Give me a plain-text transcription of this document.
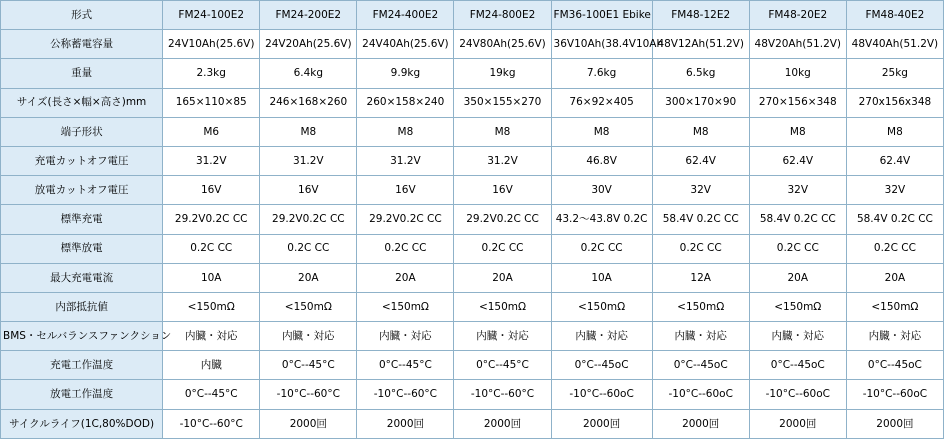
形式	FM24-100E2	FM24-200E2	FM24-400E2	FM24-800E2	FM36-100E1 Ebike	FM48-12E2	FM48-20E2	FM48-40E2
公称蓄電容量	24V10Ah(25.6V)	24V20Ah(25.6V)	24V40Ah(25.6V)	24V80Ah(25.6V)	36V10Ah(38.4V10Ah	48V12Ah(51.2V)	48V20Ah(51.2V)	48V40Ah(51.2V)
重量	2.3kg	6.4kg	9.9kg	19kg	7.6kg	6.5kg	10kg	25kg
サイズ(長さ×幅×高さ)mm	165×110×85	246×168×260	260×158×240	350×155×270	76×92×405	300×170×90	270×156×348	270x156x348
端子形状	M6	M8	M8	M8	M8	M8	M8	M8
充電カットオフ電圧	31.2V	31.2V	31.2V	31.2V	46.8V	62.4V	62.4V	62.4V
放電カットオフ電圧	16V	16V	16V	16V	30V	32V	32V	32V
標準充電	29.2V0.2C CC	29.2V0.2C CC	29.2V0.2C CC	29.2V0.2C CC	43.2～43.8V 0.2C	58.4V 0.2C CC	58.4V 0.2C CC	58.4V 0.2C CC
標準放電	0.2C CC	0.2C CC	0.2C CC	0.2C CC	0.2C CC	0.2C CC	0.2C CC	0.2C CC
最大充電電流	10A	20A	20A	20A	10A	12A	20A	20A
内部抵抗値	<150mΩ	<150mΩ	<150mΩ	<150mΩ	<150mΩ	<150mΩ	<150mΩ	<150mΩ
BMS・セルバランスファンクション	内臓・対応	内臓・対応	内臓・対応	内臓・対応	内臓・対応	内臓・対応	内臓・対応	内臓・対応
充電工作温度	内臓	0°C--45°C	0°C--45°C	0°C--45°C	0°C--45oC	0°C--45oC	0°C--45oC	0°C--45oC
放電工作温度	0°C--45°C	-10°C--60°C	-10°C--60°C	-10°C--60°C	-10°C--60oC	-10°C--60oC	-10°C--60oC	-10°C--60oC
サイクルライフ(1C,80%DOD)	-10°C--60°C	2000回	2000回	2000回	2000回	2000回	2000回	2000回
